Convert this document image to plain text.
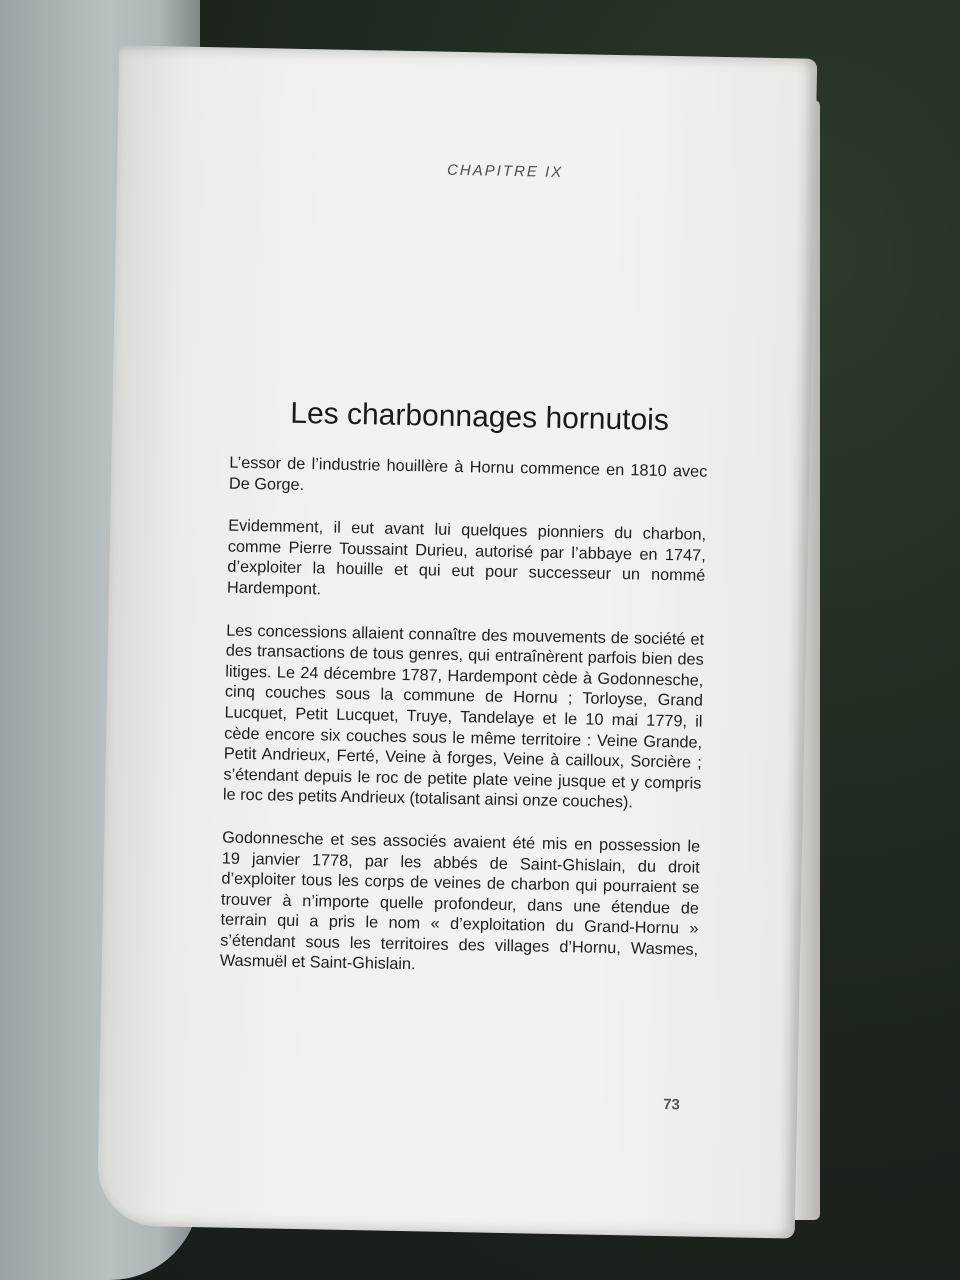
CHAPITRE IX

Les charbonnages hornutois

L’essor de l’industrie houillère à Hornu commence en 1810 avec De Gorge.

Evidemment, il eut avant lui quelques pionniers du charbon, comme Pierre Toussaint Durieu, autorisé par l’abbaye en 1747, d’exploiter la houille et qui eut pour successeur un nommé Hardempont.

Les concessions allaient connaître des mouvements de société et des transactions de tous genres, qui entraînèrent parfois bien des litiges. Le 24 décembre 1787, Hardempont cède à Godonnesche, cinq couches sous la commune de Hornu ; Torloyse, Grand Lucquet, Petit Lucquet, Truye, Tandelaye et le 10 mai 1779, il cède encore six couches sous le même territoire : Veine Grande, Petit Andrieux, Ferté, Veine à forges, Veine à cailloux, Sorcière ; s’étendant depuis le roc de petite plate veine jusque et y compris le roc des petits Andrieux (totalisant ainsi onze couches).

Godonnesche et ses associés avaient été mis en possession le 19 janvier 1778, par les abbés de Saint-Ghislain, du droit d’exploiter tous les corps de veines de charbon qui pourraient se trouver à n’importe quelle profondeur, dans une étendue de terrain qui a pris le nom « d’exploitation du Grand-Hornu » s’étendant sous les territoires des villages d’Hornu, Wasmes, Wasmuël et Saint-Ghislain.

73
